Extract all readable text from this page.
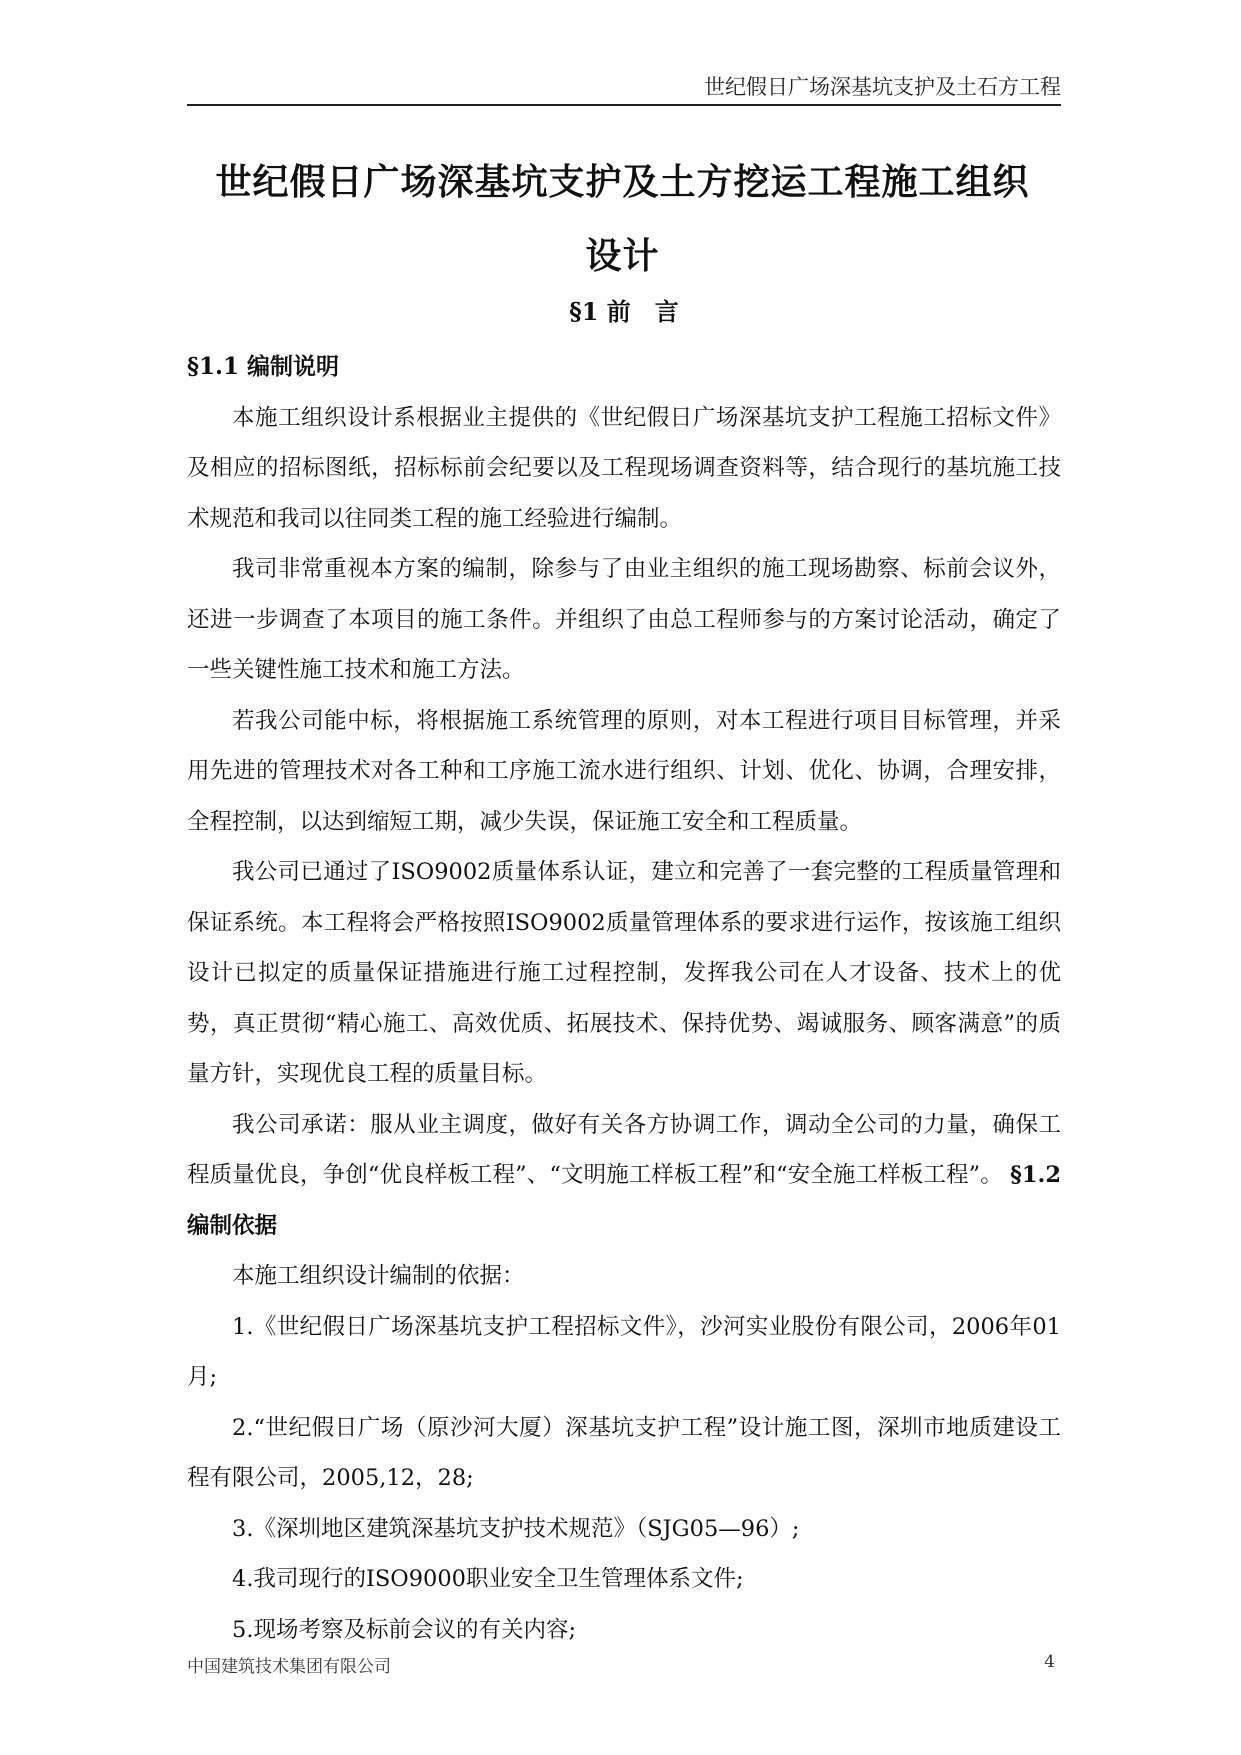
世纪假日广场深基坑支护及土石方工程
世纪假日广场深基坑支护及土方挖运工程施工组织
设计
§1 前　言

§1.1 编制说明

本施工组织设计系根据业主提供的《世纪假日广场深基坑支护工程施工招标文件》及相应的招标图纸，招标标前会纪要以及工程现场调查资料等，结合现行的基坑施工技术规范和我司以往同类工程的施工经验进行编制。

我司非常重视本方案的编制，除参与了由业主组织的施工现场勘察、标前会议外，还进一步调查了本项目的施工条件。并组织了由总工程师参与的方案讨论活动，确定了一些关键性施工技术和施工方法。

若我公司能中标，将根据施工系统管理的原则，对本工程进行项目目标管理，并采用先进的管理技术对各工种和工序施工流水进行组织、计划、优化、协调，合理安排，全程控制，以达到缩短工期，减少失误，保证施工安全和工程质量。

我公司已通过了ISO9002质量体系认证，建立和完善了一套完整的工程质量管理和保证系统。本工程将会严格按照ISO9002质量管理体系的要求进行运作，按该施工组织设计已拟定的质量保证措施进行施工过程控制，发挥我公司在人才设备、技术上的优势，真正贯彻“精心施工、高效优质、拓展技术、保持优势、竭诚服务、顾客满意”的质量方针，实现优良工程的质量目标。

我公司承诺：服从业主调度，做好有关各方协调工作，调动全公司的力量，确保工程质量优良，争创“优良样板工程”、“文明施工样板工程”和“安全施工样板工程”。 §1.2 编制依据

本施工组织设计编制的依据：

1.《世纪假日广场深基坑支护工程招标文件》，沙河实业股份有限公司，2006年01月;

2.“世纪假日广场（原沙河大厦）深基坑支护工程”设计施工图，深圳市地质建设工程有限公司，2005,12，28;

3.《深圳地区建筑深基坑支护技术规范》（SJG05—96）;

4.我司现行的ISO9000职业安全卫生管理体系文件;

5.现场考察及标前会议的有关内容;

中国建筑技术集团有限公司	4
